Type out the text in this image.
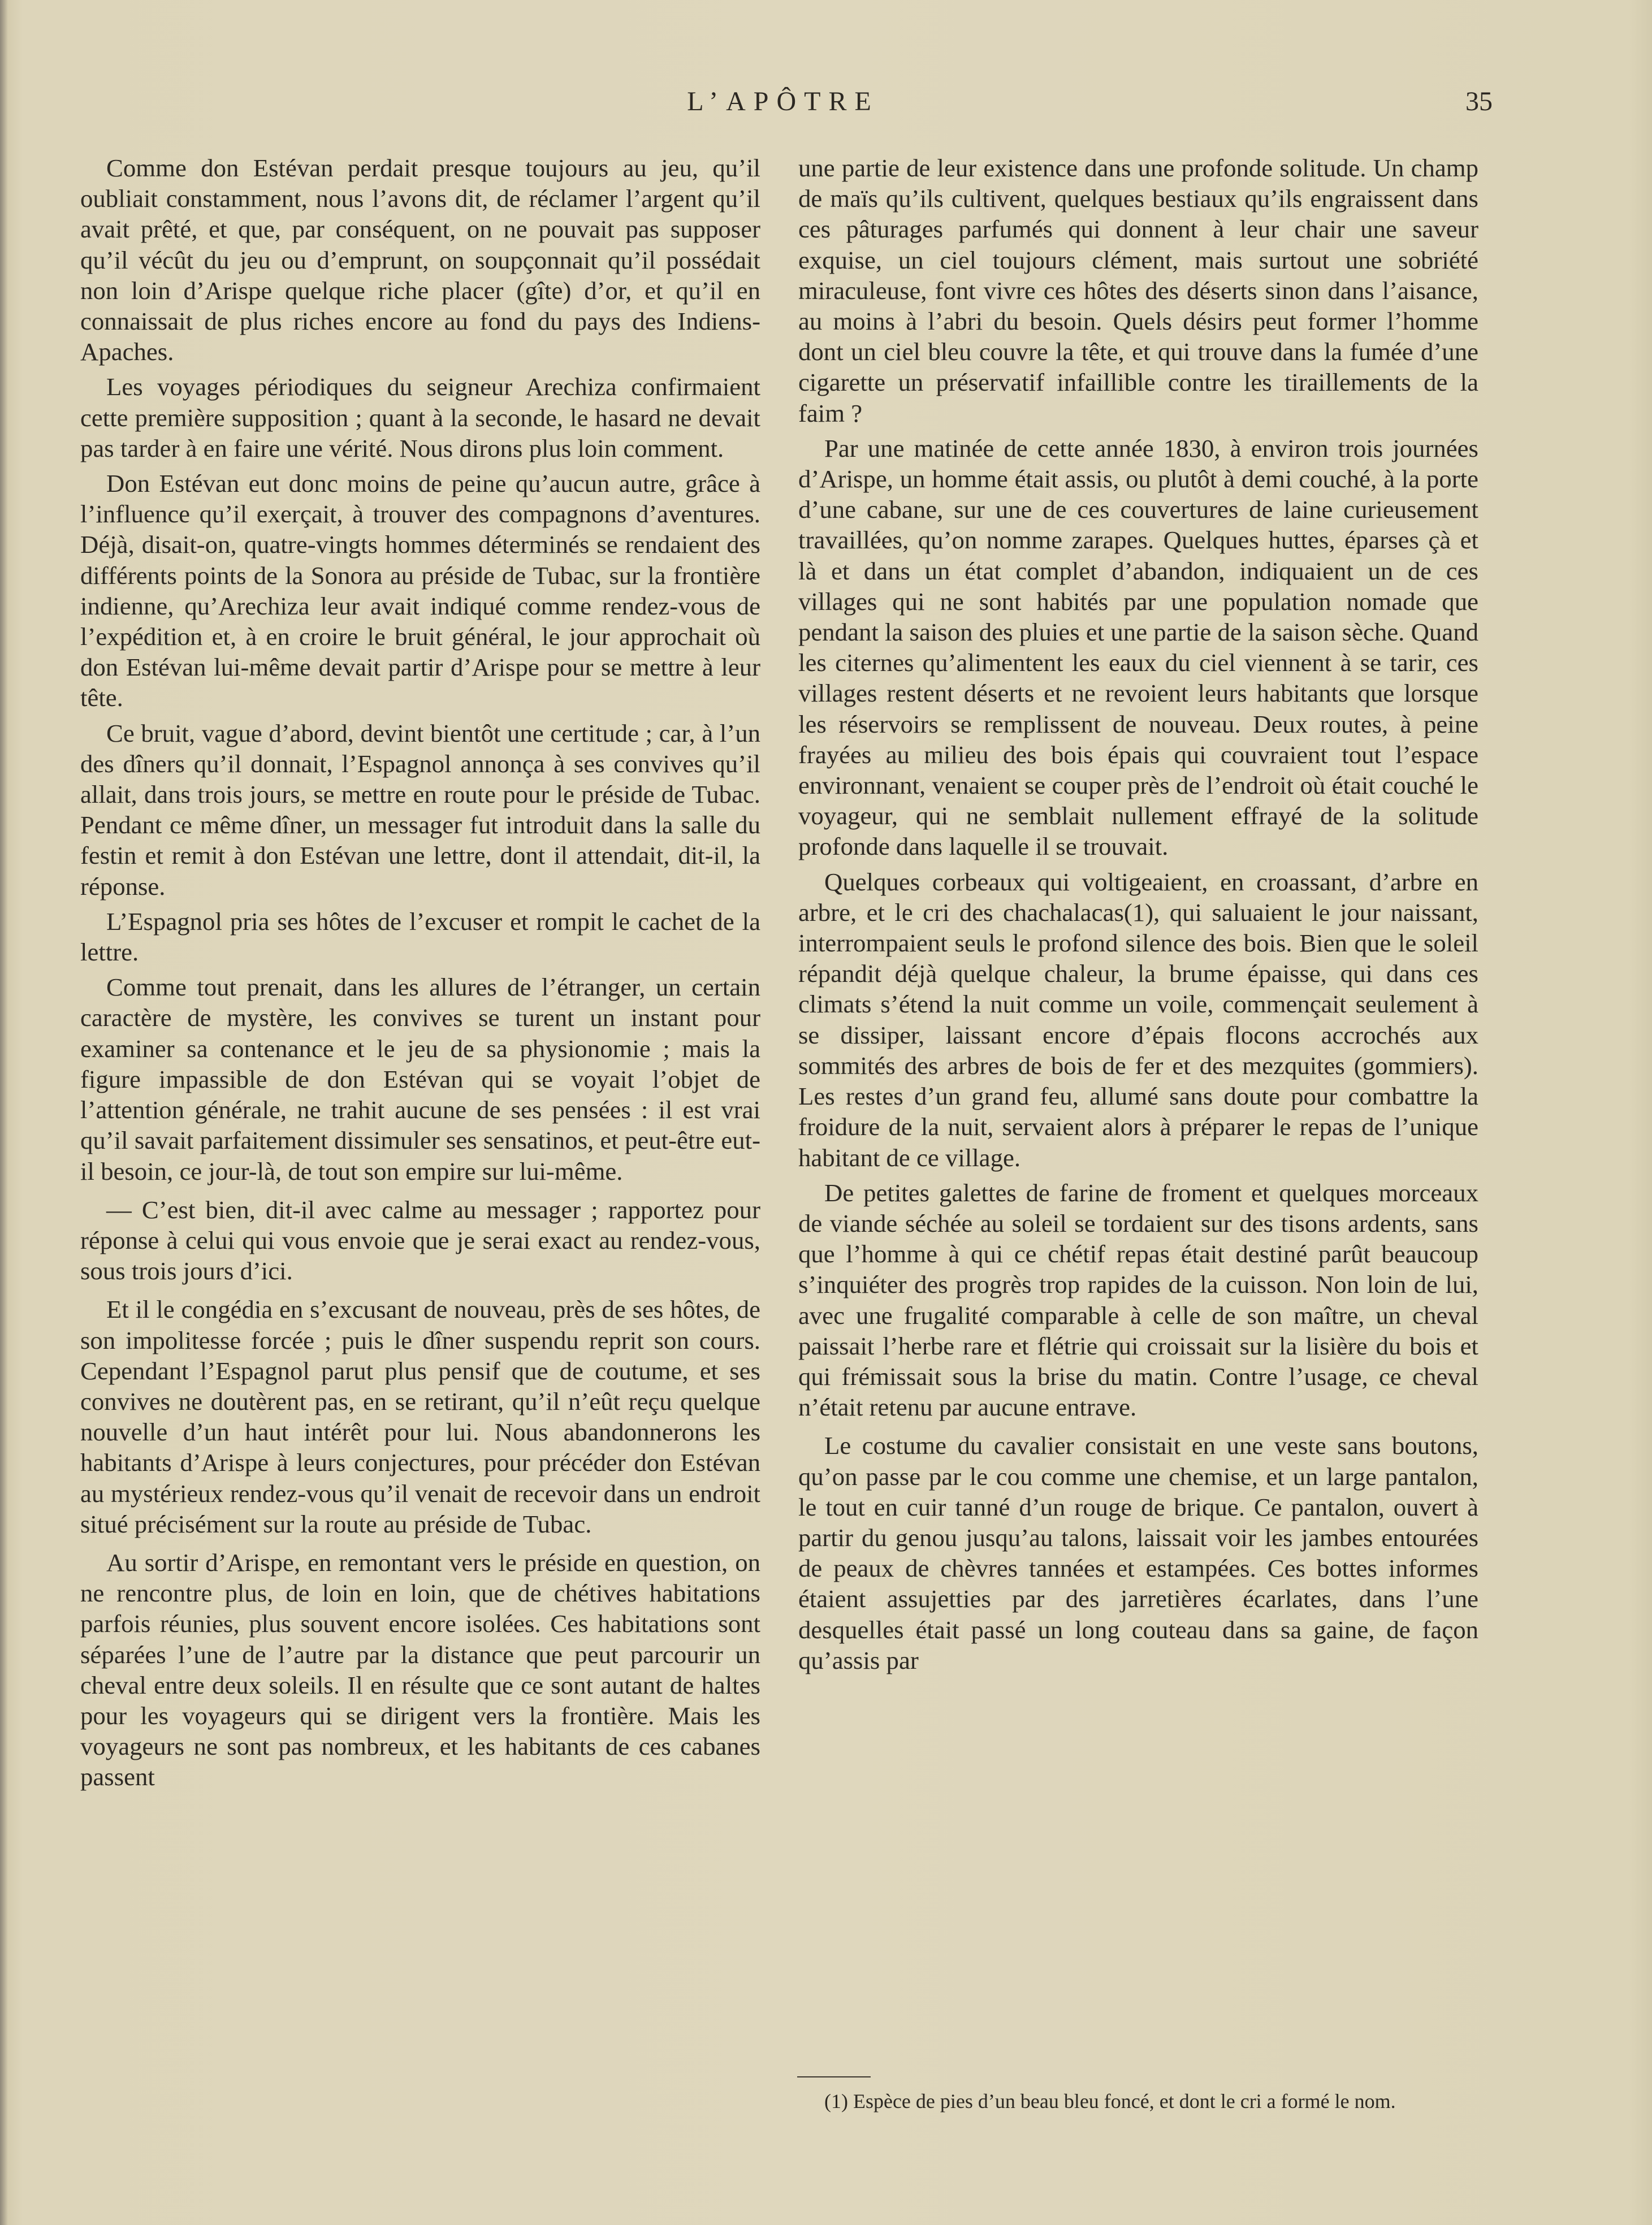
L’APÔTRE	35

Comme don Estévan perdait presque toujours au jeu, qu’il oubliait constamment, nous l’avons dit, de réclamer l’argent qu’il avait prêté, et que, par conséquent, on ne pouvait pas supposer qu’il vécût du jeu ou d’emprunt, on soupçonnait qu’il possédait non loin d’Arispe quelque riche placer (gîte) d’or, et qu’il en connaissait de plus riches encore au fond du pays des Indiens-Apaches.

Les voyages périodiques du seigneur Arechiza confirmaient cette première supposition ; quant à la seconde, le hasard ne devait pas tarder à en faire une vérité. Nous dirons plus loin comment.

Don Estévan eut donc moins de peine qu’aucun autre, grâce à l’influence qu’il exerçait, à trouver des compagnons d’aventures. Déjà, disait-on, quatre-vingts hommes déterminés se rendaient des différents points de la Sonora au préside de Tubac, sur la frontière indienne, qu’Arechiza leur avait indiqué comme rendez-vous de l’expédition et, à en croire le bruit général, le jour approchait où don Estévan lui-même devait partir d’Arispe pour se mettre à leur tête.

Ce bruit, vague d’abord, devint bientôt une certitude ; car, à l’un des dîners qu’il donnait, l’Espagnol annonça à ses convives qu’il allait, dans trois jours, se mettre en route pour le préside de Tubac. Pendant ce même dîner, un messager fut introduit dans la salle du festin et remit à don Estévan une lettre, dont il attendait, dit-il, la réponse.

L’Espagnol pria ses hôtes de l’excuser et rompit le cachet de la lettre.

Comme tout prenait, dans les allures de l’étranger, un certain caractère de mystère, les convives se turent un instant pour examiner sa contenance et le jeu de sa physionomie ; mais la figure impassible de don Estévan qui se voyait l’objet de l’attention générale, ne trahit aucune de ses pensées : il est vrai qu’il savait parfaitement dissimuler ses sensatinos, et peut-être eut-il besoin, ce jour-là, de tout son empire sur lui-même.

— C’est bien, dit-il avec calme au messager ; rapportez pour réponse à celui qui vous envoie que je serai exact au rendez-vous, sous trois jours d’ici.

Et il le congédia en s’excusant de nouveau, près de ses hôtes, de son impolitesse forcée ; puis le dîner suspendu reprit son cours. Cependant l’Espagnol parut plus pensif que de coutume, et ses convives ne doutèrent pas, en se retirant, qu’il n’eût reçu quelque nouvelle d’un haut intérêt pour lui. Nous abandonnerons les habitants d’Arispe à leurs conjectures, pour précéder don Estévan au mystérieux rendez-vous qu’il venait de recevoir dans un endroit situé précisément sur la route au préside de Tubac.

Au sortir d’Arispe, en remontant vers le préside en question, on ne rencontre plus, de loin en loin, que de chétives habitations parfois réunies, plus souvent encore isolées. Ces habitations sont séparées l’une de l’autre par la distance que peut parcourir un cheval entre deux soleils. Il en résulte que ce sont autant de haltes pour les voyageurs qui se dirigent vers la frontière. Mais les voyageurs ne sont pas nombreux, et les habitants de ces cabanes passent

une partie de leur existence dans une profonde solitude. Un champ de maïs qu’ils cultivent, quelques bestiaux qu’ils engraissent dans ces pâturages parfumés qui donnent à leur chair une saveur exquise, un ciel toujours clément, mais surtout une sobriété miraculeuse, font vivre ces hôtes des déserts sinon dans l’aisance, au moins à l’abri du besoin. Quels désirs peut former l’homme dont un ciel bleu couvre la tête, et qui trouve dans la fumée d’une cigarette un préservatif infaillible contre les tiraillements de la faim ?

Par une matinée de cette année 1830, à environ trois journées d’Arispe, un homme était assis, ou plutôt à demi couché, à la porte d’une cabane, sur une de ces couvertures de laine curieusement travaillées, qu’on nomme zarapes. Quelques huttes, éparses çà et là et dans un état complet d’abandon, indiquaient un de ces villages qui ne sont habités par une population nomade que pendant la saison des pluies et une partie de la saison sèche. Quand les citernes qu’alimentent les eaux du ciel viennent à se tarir, ces villages restent déserts et ne revoient leurs habitants que lorsque les réservoirs se remplissent de nouveau. Deux routes, à peine frayées au milieu des bois épais qui couvraient tout l’espace environnant, venaient se couper près de l’endroit où était couché le voyageur, qui ne semblait nullement effrayé de la solitude profonde dans laquelle il se trouvait.

Quelques corbeaux qui voltigeaient, en croassant, d’arbre en arbre, et le cri des chachalacas(1), qui saluaient le jour naissant, interrompaient seuls le profond silence des bois. Bien que le soleil répandit déjà quelque chaleur, la brume épaisse, qui dans ces climats s’étend la nuit comme un voile, commençait seulement à se dissiper, laissant encore d’épais flocons accrochés aux sommités des arbres de bois de fer et des mezquites (gommiers). Les restes d’un grand feu, allumé sans doute pour combattre la froidure de la nuit, servaient alors à préparer le repas de l’unique habitant de ce village.

De petites galettes de farine de froment et quelques morceaux de viande séchée au soleil se tordaient sur des tisons ardents, sans que l’homme à qui ce chétif repas était destiné parût beaucoup s’inquiéter des progrès trop rapides de la cuisson. Non loin de lui, avec une frugalité comparable à celle de son maître, un cheval paissait l’herbe rare et flétrie qui croissait sur la lisière du bois et qui frémissait sous la brise du matin. Contre l’usage, ce cheval n’était retenu par aucune entrave.

Le costume du cavalier consistait en une veste sans boutons, qu’on passe par le cou comme une chemise, et un large pantalon, le tout en cuir tanné d’un rouge de brique. Ce pantalon, ouvert à partir du genou jusqu’au talons, laissait voir les jambes entourées de peaux de chèvres tannées et estampées. Ces bottes informes étaient assujetties par des jarretières écarlates, dans l’une desquelles était passé un long couteau dans sa gaine, de façon qu’assis par

(1) Espèce de pies d’un beau bleu foncé, et dont le cri a formé le nom.
